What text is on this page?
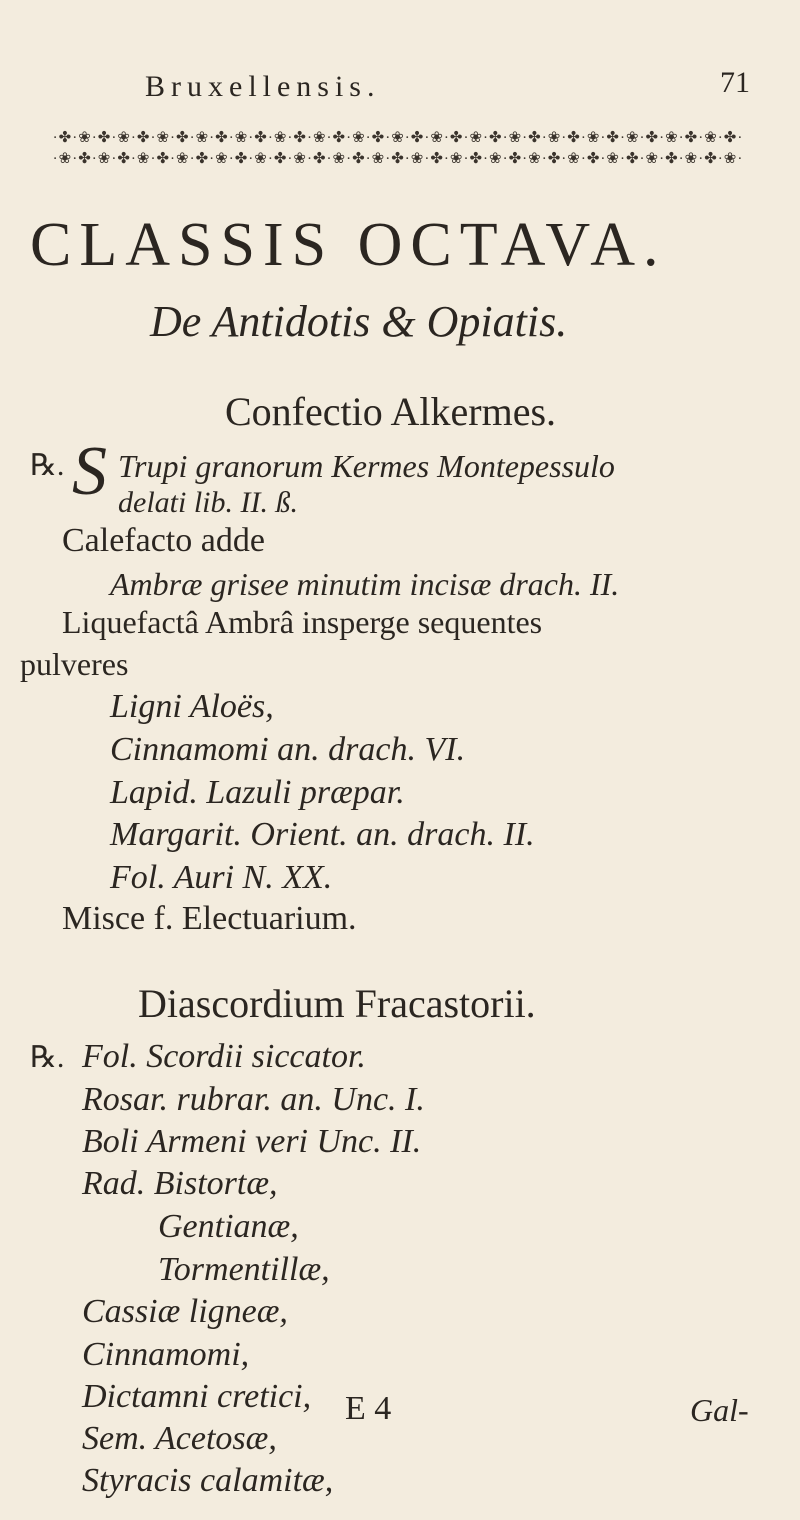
Bruxellensis.	71
·✤·❀·✤·❀·✤·❀·✤·❀·✤·❀·✤·❀·✤·❀·✤·❀·✤·❀·✤·❀·✤·❀·✤·❀·✤·❀·✤·❀·✤·❀·✤·❀·✤·❀·✤·
·❀·✤·❀·✤·❀·✤·❀·✤·❀·✤·❀·✤·❀·✤·❀·✤·❀·✤·❀·✤·❀·✤·❀·✤·❀·✤·❀·✤·❀·✤·❀·✤·❀·✤·❀·
CLASSIS OCTAVA.
De Antidotis & Opiatis.
Confectio Alkermes.
℞. S Trupi granorum Kermes Montepessulo
delati lib. II. ß.
Calefacto adde
Ambræ grisee minutim incisæ drach. II.
Liquefactâ Ambrâ insperge sequentes
pulveres
Ligni Aloës,
Cinnamomi an. drach. VI.
Lapid. Lazuli præpar.
Margarit. Orient. an. drach. II.
Fol. Auri N. XX.
Misce f. Electuarium.
Diascordium Fracastorii.
℞. Fol. Scordii siccator.
Rosar. rubrar. an. Unc. I.
Boli Armeni veri Unc. II.
Rad. Bistortæ,
Gentianæ,
Tormentillæ,
Cassiæ ligneæ,
Cinnamomi,
Dictamni cretici,
Sem. Acetosæ,
Styracis calamitæ,
E 4	Gal-
